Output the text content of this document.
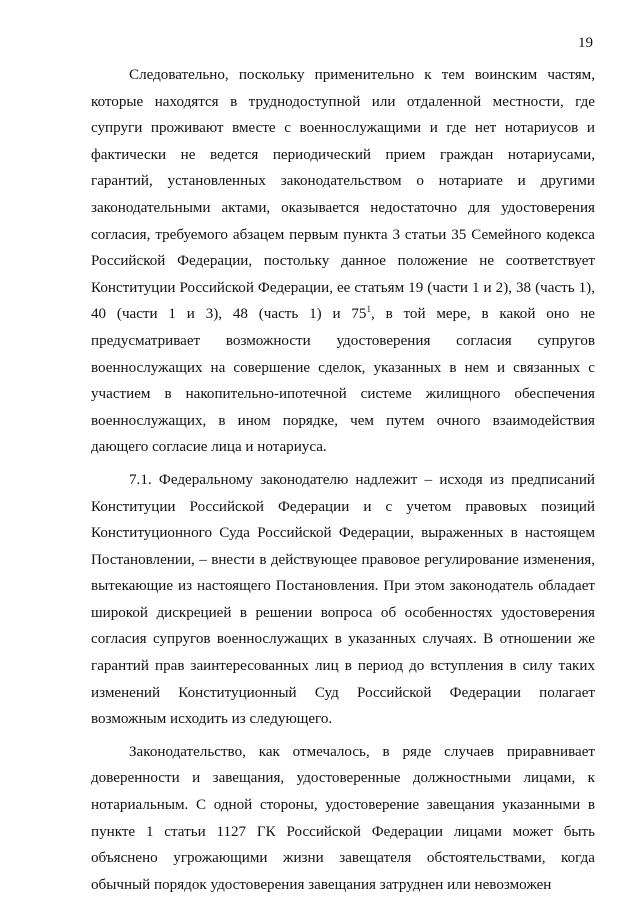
19

Следовательно, поскольку применительно к тем воинским частям, которые находятся в труднодоступной или отдаленной местности, где супруги проживают вместе с военнослужащими и где нет нотариусов и фактически не ведется периодический прием граждан нотариусами, гарантий, установленных законодательством о нотариате и другими законодательными актами, оказывается недостаточно для удостоверения согласия, требуемого абзацем первым пункта 3 статьи 35 Семейного кодекса Российской Федерации, постольку данное положение не соответствует Конституции Российской Федерации, ее статьям 19 (части 1 и 2), 38 (часть 1), 40 (части 1 и 3), 48 (часть 1) и $75^1$, в той мере, в какой оно не предусматривает возможности удостоверения согласия супругов военнослужащих на совершение сделок, указанных в нем и связанных с участием в накопительно-ипотечной системе жилищного обеспечения военнослужащих, в ином порядке, чем путем очного взаимодействия дающего согласие лица и нотариуса.

7.1. Федеральному законодателю надлежит – исходя из предписаний Конституции Российской Федерации и с учетом правовых позиций Конституционного Суда Российской Федерации, выраженных в настоящем Постановлении, – внести в действующее правовое регулирование изменения, вытекающие из настоящего Постановления. При этом законодатель обладает широкой дискрецией в решении вопроса об особенностях удостоверения согласия супругов военнослужащих в указанных случаях. В отношении же гарантий прав заинтересованных лиц в период до вступления в силу таких изменений Конституционный Суд Российской Федерации полагает возможным исходить из следующего.

Законодательство, как отмечалось, в ряде случаев приравнивает доверенности и завещания, удостоверенные должностными лицами, к нотариальным. С одной стороны, удостоверение завещания указанными в пункте 1 статьи 1127 ГК Российской Федерации лицами может быть объяснено угрожающими жизни завещателя обстоятельствами, когда обычный порядок удостоверения завещания затруднен или невозможен
